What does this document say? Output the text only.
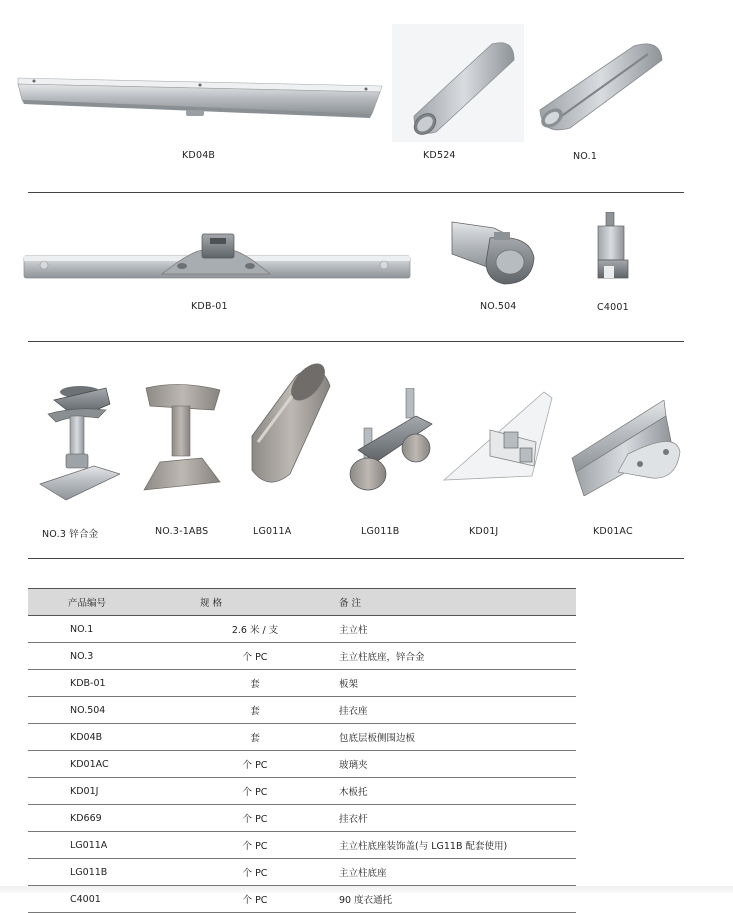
KD04B	KD524	NO.1
KDB-01	NO.504	C4001
NO.3 锌合金	NO.3-1ABS	LG011A	LG011B	KD01J	KD01AC
产品编号	规 格	备 注
NO.1	2.6 米 / 支	主立柱
NO.3	个 PC	主立柱底座，锌合金
KDB-01	套	板架
NO.504	套	挂衣座
KD04B	套	包底层板侧围边板
KD01AC	个 PC	玻璃夹
KD01J	个 PC	木板托
KD669	个 PC	挂衣杆
LG011A	个 PC	主立柱底座装饰盖(与 LG11B 配套使用)
LG011B	个 PC	主立柱底座
C4001	个 PC	90 度衣通托
